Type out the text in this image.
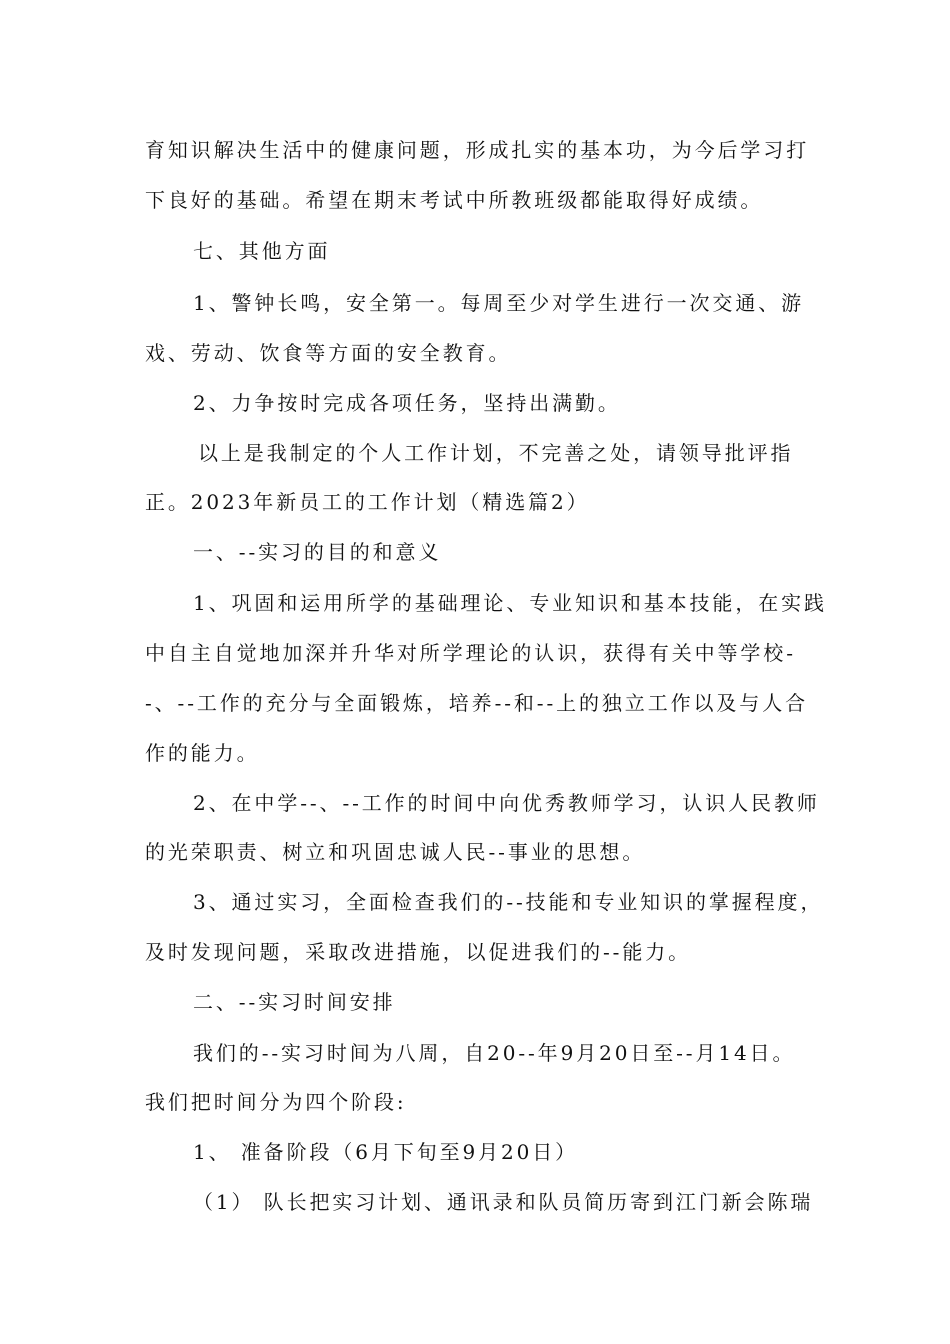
育知识解决生活中的健康问题，形成扎实的基本功，为今后学习打
下良好的基础。希望在期末考试中所教班级都能取得好成绩。
七、其他方面
1、警钟长鸣，安全第一。每周至少对学生进行一次交通、游
戏、劳动、饮食等方面的安全教育。
2、力争按时完成各项任务，坚持出满勤。
以上是我制定的个人工作计划，不完善之处，请领导批评指
正。2023年新员工的工作计划（精选篇2）
一、--实习的目的和意义
1、巩固和运用所学的基础理论、专业知识和基本技能，在实践
中自主自觉地加深并升华对所学理论的认识，获得有关中等学校-
-、--工作的充分与全面锻炼，培养--和--上的独立工作以及与人合
作的能力。
2、在中学--、--工作的时间中向优秀教师学习，认识人民教师
的光荣职责、树立和巩固忠诚人民--事业的思想。
3、通过实习，全面检查我们的--技能和专业知识的掌握程度，
及时发现问题，采取改进措施，以促进我们的--能力。
二、--实习时间安排
我们的--实习时间为八周，自20--年9月20日至--月14日。
我们把时间分为四个阶段:
1、 准备阶段（6月下旬至9月20日）
（1） 队长把实习计划、通讯录和队员简历寄到江门新会陈瑞
